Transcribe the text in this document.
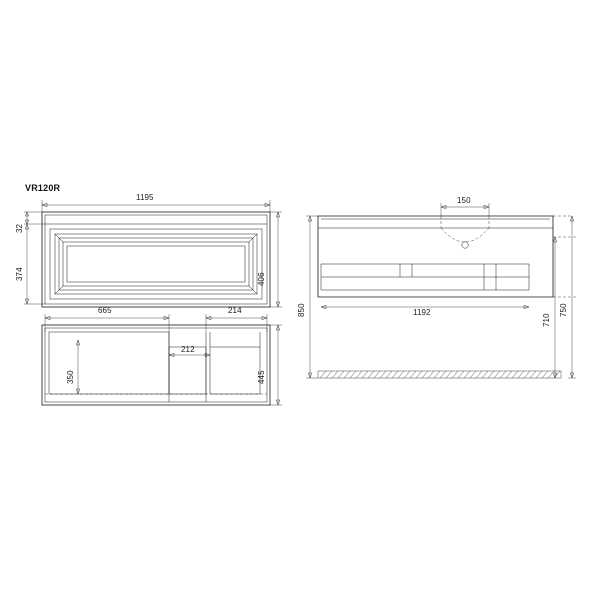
VR120R
1195
374
32
406
665	214
212
350	445
150
1192
850	750
710
